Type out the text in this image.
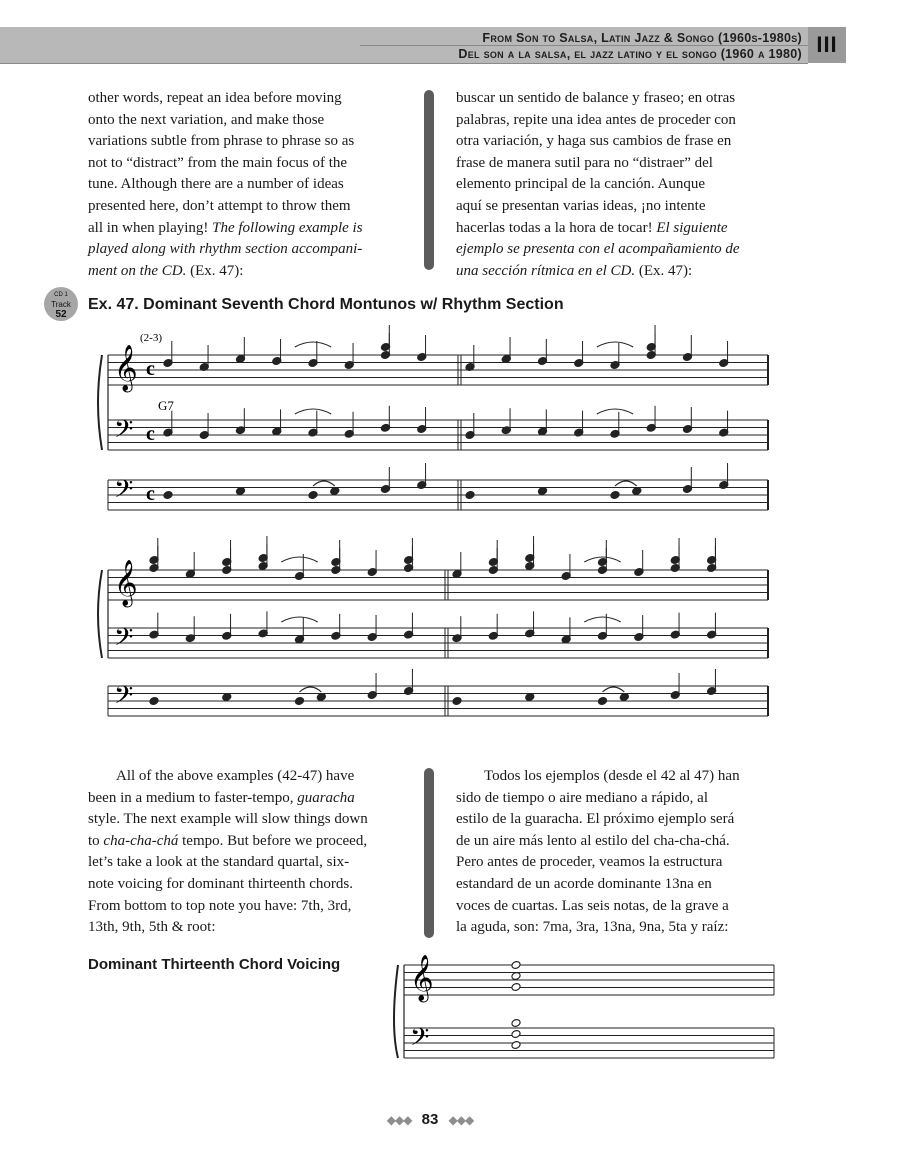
From Son to Salsa, Latin Jazz & Songo (1960s-1980s)
Del son a la salsa, el jazz latino y el songo (1960 a 1980) III
other words, repeat an idea before moving
onto the next variation, and make those
variations subtle from phrase to phrase so as
not to “distract” from the main focus of the
tune. Although there are a number of ideas
presented here, don’t attempt to throw them
all in when playing! The following example is
played along with rhythm section accompani-
ment on the CD. (Ex. 47):
buscar un sentido de balance y fraseo; en otras
palabras, repite una idea antes de proceder con
otra variación, y haga sus cambios de frase en
frase de manera sutil para no “distraer” del
elemento principal de la canción. Aunque
aquí se presentan varias ideas, ¡no intente
hacerlas todas a la hora de tocar! El siguiente
ejemplo se presenta con el acompañamiento de
una sección rítmica en el CD. (Ex. 47):
CD 1
Track
52
Ex. 47. Dominant Seventh Chord Montunos w/ Rhythm Section
𝄞
𝄢
𝄢
c
c
c
𝄞
𝄢
𝄢
𝄞
𝄢
(2-3)
G7
All of the above examples (42-47) have
been in a medium to faster-tempo, guaracha
style. The next example will slow things down
to cha-cha-chá tempo. But before we proceed,
let’s take a look at the standard quartal, six-
note voicing for dominant thirteenth chords.
From bottom to top note you have: 7th, 3rd,
13th, 9th, 5th & root:
Todos los ejemplos (desde el 42 al 47) han
sido de tiempo o aire mediano a rápido, al
estilo de la guaracha. El próximo ejemplo será
de un aire más lento al estilo del cha-cha-chá.
Pero antes de proceder, veamos la estructura
estandard de un acorde dominante 13na en
voces de cuartas. Las seis notas, de la grave a
la aguda, son: 7ma, 3ra, 13na, 9na, 5ta y raíz:
Dominant Thirteenth Chord Voicing
◆◆◆ 83 ◆◆◆
